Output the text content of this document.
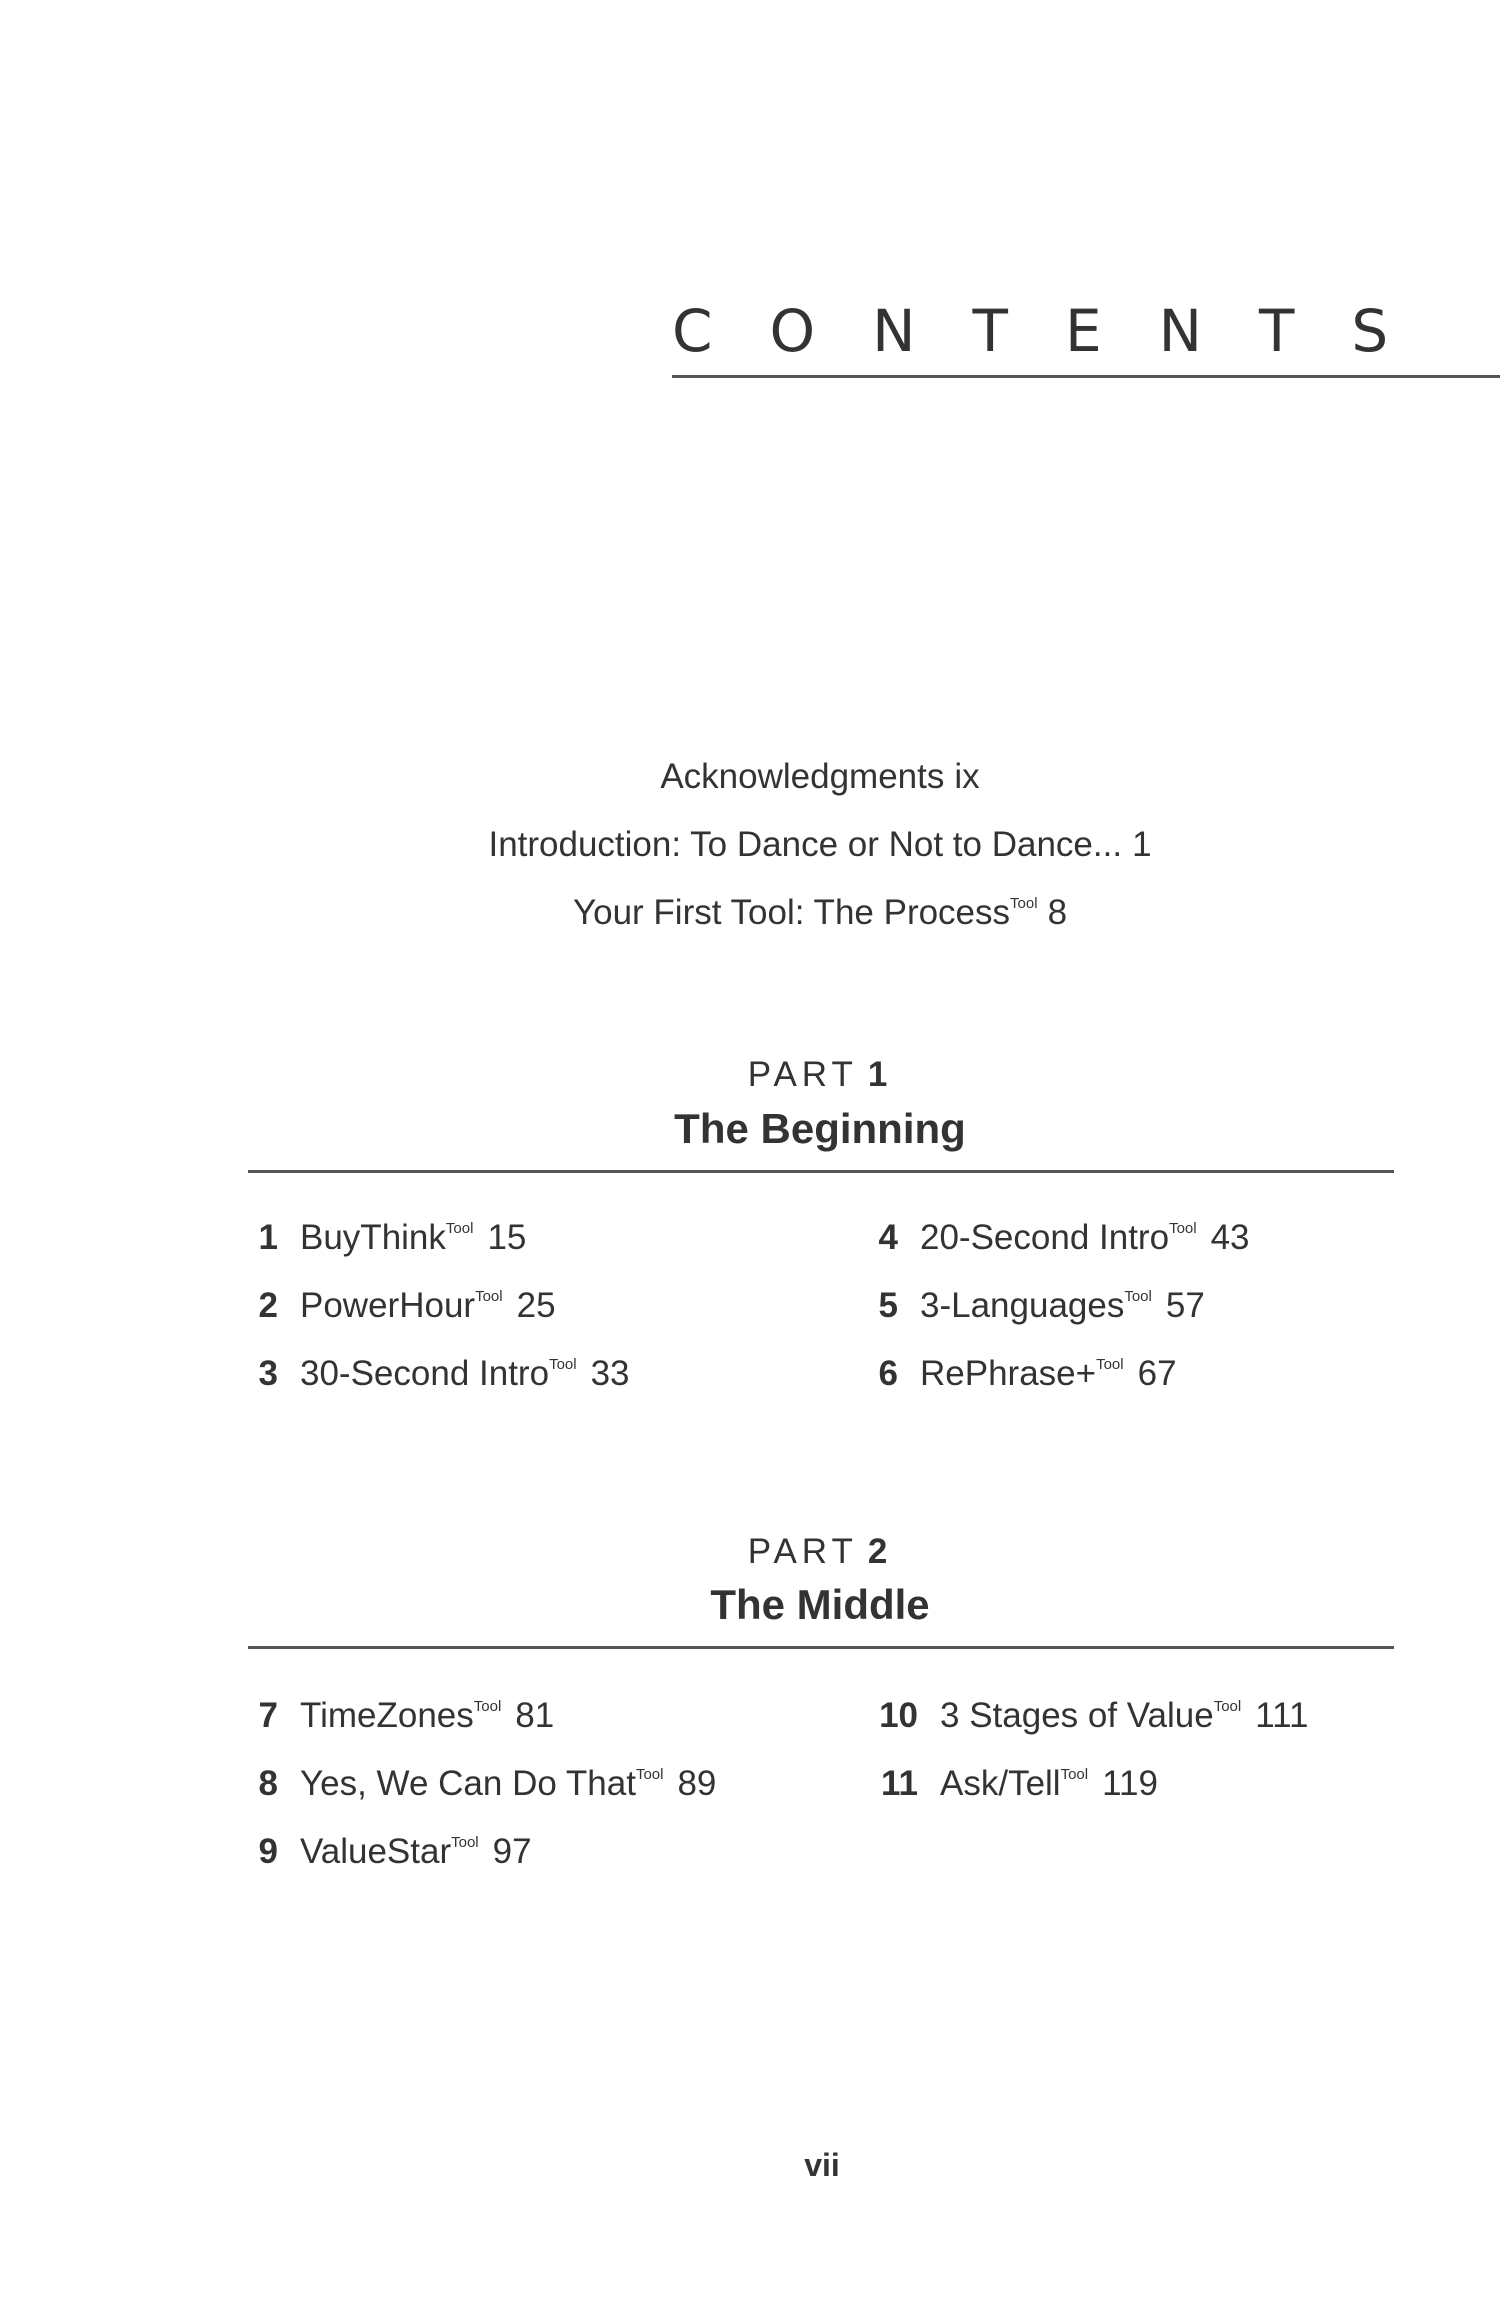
CONTENTS

Acknowledgments ix

Introduction: To Dance or Not to Dance... 1

Your First Tool: The Process$^{Tool}$ 8

PART 1

The Beginning
1 BuyThink$^{Tool}$ 15
2 PowerHour$^{Tool}$ 25
3 30-Second Intro$^{Tool}$ 33
4 20-Second Intro$^{Tool}$ 43
5 3-Languages$^{Tool}$ 57
6 RePhrase+$^{Tool}$ 67

PART 2

The Middle
7 TimeZones$^{Tool}$ 81
8 Yes, We Can Do That$^{Tool}$ 89
9 ValueStar$^{Tool}$ 97
10 3 Stages of Value$^{Tool}$ 111
11 Ask/Tell$^{Tool}$ 119
vii
